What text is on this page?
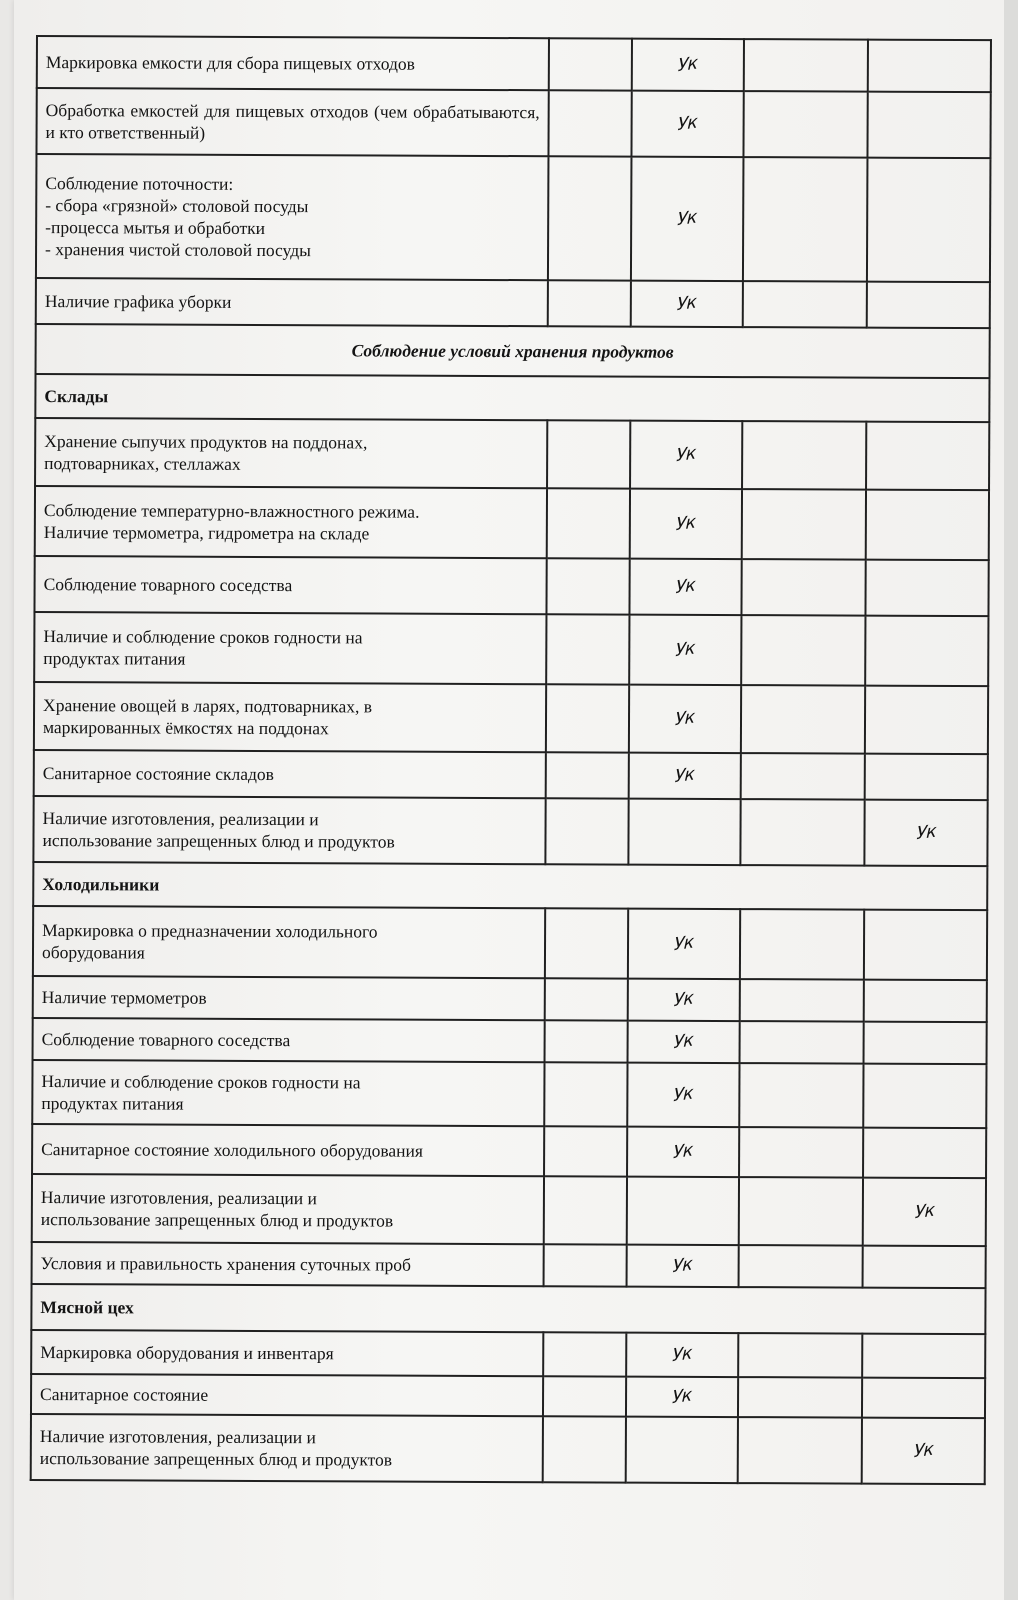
Маркировка емкости для сбора пищевых отходов		Ук		
Обработка емкостей для пищевых отходов (чем обрабатываются, и кто ответственный)		Ук		
Соблюдение поточности:
- сбора «грязной» столовой посуды
-процесса мытья и обработки
- хранения чистой столовой посуды		Ук		
Наличие графика уборки		Ук		
Соблюдение условий хранения продуктов				
Склады				
Хранение сыпучих продуктов на поддонах,
подтоварниках, стеллажах		Ук		
Соблюдение температурно-влажностного режима.
Наличие термометра, гидрометра на складе		Ук		
Соблюдение товарного соседства		Ук		
Наличие и соблюдение сроков годности на
продуктах питания		Ук		
Хранение овощей в ларях, подтоварниках, в
маркированных ёмкостях на поддонах		Ук		
Санитарное состояние складов		Ук		
Наличие изготовления, реализации и
использование запрещенных блюд и продуктов				Ук
Холодильники				
Маркировка о предназначении холодильного
оборудования		Ук		
Наличие термометров		Ук		
Соблюдение товарного соседства		Ук		
Наличие и соблюдение сроков годности на
продуктах питания		Ук		
Санитарное состояние холодильного оборудования		Ук		
Наличие изготовления, реализации и
использование запрещенных блюд и продуктов				Ук
Условия и правильность хранения суточных проб		Ук		
Мясной цех				
Маркировка оборудования и инвентаря		Ук		
Санитарное состояние		Ук		
Наличие изготовления, реализации и
использование запрещенных блюд и продуктов				Ук
